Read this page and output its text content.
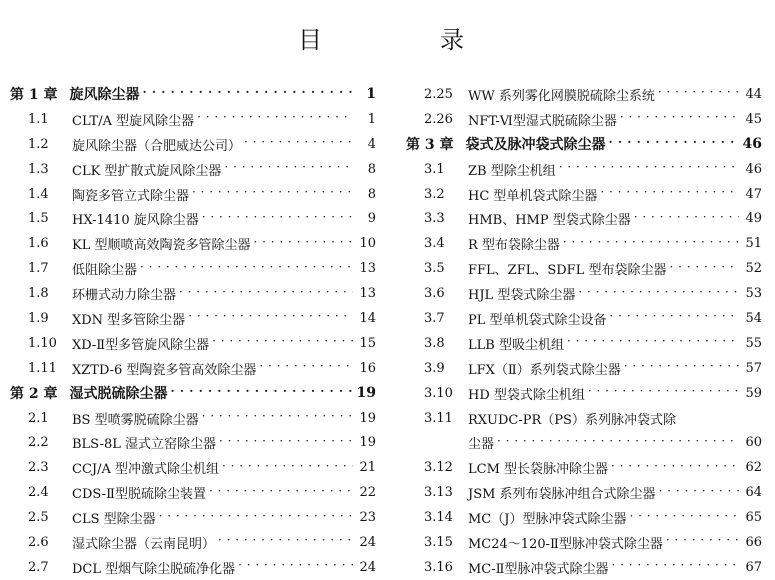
目	录
第 1 章 旋风除尘器 · · ·	1
1.1	CLT/A 型旋风除尘器 · · ·	1
1.2	旋风除尘器（合肥威达公司） · · ·	4
1.3	CLK 型扩散式旋风除尘器 · · ·	8
1.4	陶瓷多管立式除尘器 · · ·	8
1.5	HX-1410 旋风除尘器 · · ·	9
1.6	KL 型顺喷高效陶瓷多管除尘器 · · ·	10
1.7	低阻除尘器 · · ·	13
1.8	环栅式动力除尘器 · · ·	13
1.9	XDN 型多管除尘器 · · ·	14
1.10	XD-Ⅱ型多管旋风除尘器 · · ·	15
1.11	XZTD-6 型陶瓷多管高效除尘器 · · ·	16
第 2 章 湿式脱硫除尘器 · · ·	19
2.1	BS 型喷雾脱硫除尘器 · · ·	19
2.2	BLS-8L 湿式立窑除尘器 · · ·	19
2.3	CCJ/A 型冲激式除尘机组 · · ·	21
2.4	CDS-Ⅱ型脱硫除尘装置 · · ·	22
2.5	CLS 型除尘器 · · ·	23
2.6	湿式除尘器（云南昆明） · · ·	24
2.7	DCL 型烟气除尘脱硫净化器 · · ·	24
2.25	WW 系列雾化网膜脱硫除尘系统 · · ·	44
2.26	NFT-Ⅵ型湿式脱硫除尘器 · · ·	45
第 3 章 袋式及脉冲袋式除尘器 · · ·	46
3.1	ZB 型除尘机组 · · ·	46
3.2	HC 型单机袋式除尘器 · · ·	47
3.3	HMB、HMP 型袋式除尘器 · · ·	49
3.4	R 型布袋除尘器 · · ·	51
3.5	FFL、ZFL、SDFL 型布袋除尘器 · · ·	52
3.6	HJL 型袋式除尘器 · · ·	53
3.7	PL 型单机袋式除尘设备 · · ·	54
3.8	LLB 型吸尘机组 · · ·	55
3.9	LFX（Ⅱ）系列袋式除尘器 · · ·	57
3.10	HD 型袋式除尘机组 · · ·	59
3.11	RXUDC-PR（PS）系列脉冲袋式除
尘器 · · ·	60
3.12	LCM 型长袋脉冲除尘器 · · ·	62
3.13	JSM 系列布袋脉冲组合式除尘器 · · ·	64
3.14	MC（J）型脉冲袋式除尘器 · · ·	65
3.15	MC24～120-Ⅱ型脉冲袋式除尘器 · · ·	66
3.16	MC-Ⅱ型脉冲袋式除尘器 · · ·	67
